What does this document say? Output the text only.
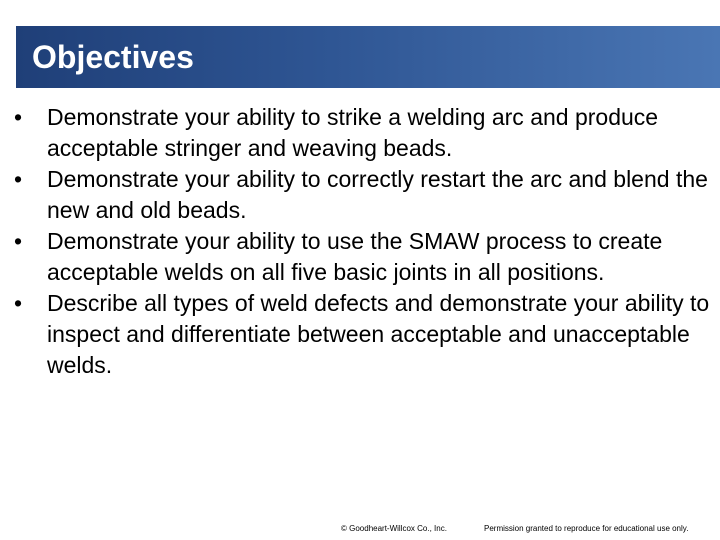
Objectives
•	Demonstrate your ability to strike a welding arc and produce acceptable stringer and weaving beads.
•	Demonstrate your ability to correctly restart the arc and blend the new and old beads.
•	Demonstrate your ability to use the SMAW process to create acceptable welds on all five basic joints in all positions.
•	Describe all types of weld defects and demonstrate your ability to inspect and differentiate between acceptable and unacceptable welds.
© Goodheart-Willcox Co., Inc.	Permission granted to reproduce for educational use only.
